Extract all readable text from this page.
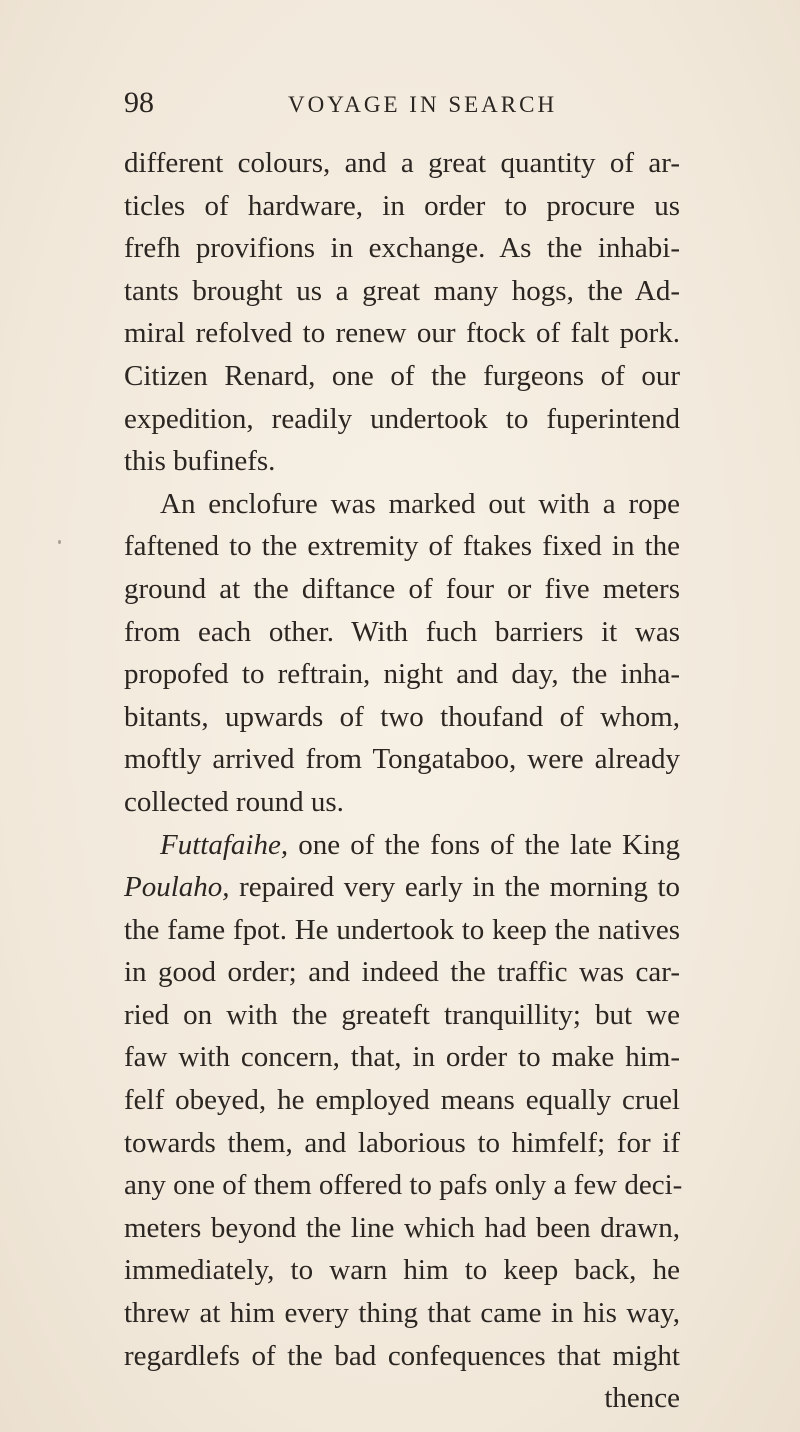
98	VOYAGE IN SEARCH
different colours, and a great quantity of ar-
ticles of hardware, in order to procure us
frefh provifions in exchange. As the inhabi-
tants brought us a great many hogs, the Ad-
miral refolved to renew our ftock of falt pork.
Citizen Renard, one of the furgeons of our
expedition, readily undertook to fuperintend
this bufinefs.
An enclofure was marked out with a rope
faftened to the extremity of ftakes fixed in the
ground at the diftance of four or five meters
from each other. With fuch barriers it was
propofed to reftrain, night and day, the inha-
bitants, upwards of two thoufand of whom,
moftly arrived from Tongataboo, were already
collected round us.
Futtafaihe, one of the fons of the late King
Poulaho, repaired very early in the morning to
the fame fpot. He undertook to keep the natives
in good order; and indeed the traffic was car-
ried on with the greateft tranquillity; but we
faw with concern, that, in order to make him-
felf obeyed, he employed means equally cruel
towards them, and laborious to himfelf; for if
any one of them offered to pafs only a few deci-
meters beyond the line which had been drawn,
immediately, to warn him to keep back, he
threw at him every thing that came in his way,
regardlefs of the bad confequences that might
thence
